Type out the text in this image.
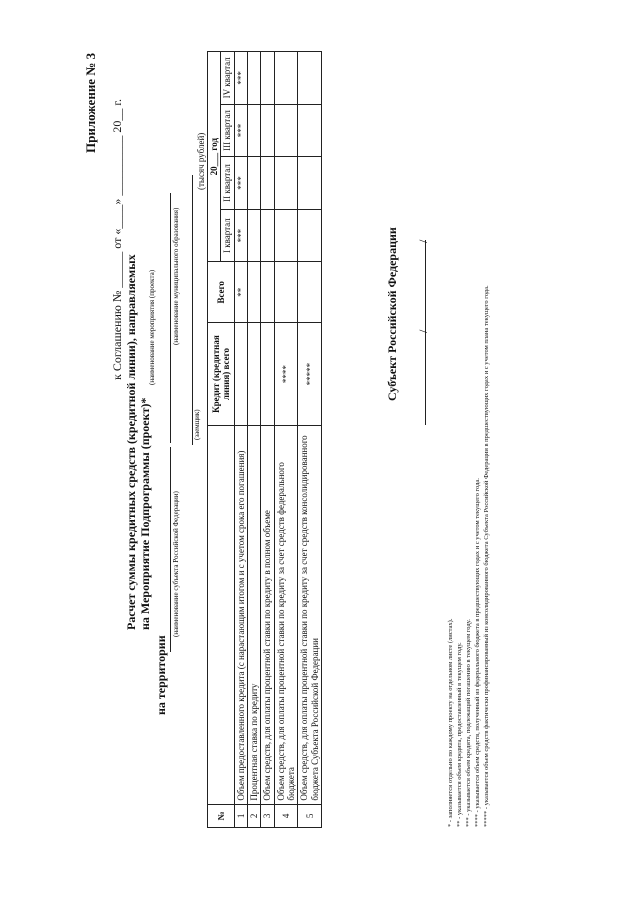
Приложение № 3 к Соглашению № ______ от «____» __________ 20__ г.
Расчет суммы кредитных средств (кредитной линии), направляемых на Мероприятие Подпрограммы (проект)*
на территории
(наименование субъекта Российской Федерации)
(наименование мероприятия (проекта)
(заемщик)
(наименование муниципального образования)
(тысяч рублей)
№		Кредит (кредитная линия) всего	Всего	20___ год			

				I квартал	II квартал	III квартал	IV квартал
1	Объем предоставленного кредита (с нарастающим итогом и с учетом срока его погашения)		**	***	***	***	***
2	Процентная ставка по кредиту						
3	Объем средств, для оплаты процентной ставки по кредиту в полном объеме						
4	Объем средств, для оплаты процентной ставки по кредиту за счет средств федерального бюджета	****					
5	Объем средств, для оплаты процентной ставки по кредиту за счет средств консолидированного бюджета Субъекта Российской Федерации	*****						Субъект Российской Федерации /
/
* - заполняется отдельно по каждому проекту на отдельном листе (листах). ** - указывается объем кредита, предоставленный в текущем году. *** - указывается объем кредита, подлежащий погашению в текущем году. **** - указывается объем средств, полученный из федерального бюджета в предшествующих годах и с учетом текущего года. ***** - указывается объем средств фактически профинансированный из консолидированного бюджета Субъекта Российской Федерации в предшествующих годах и с учетом плана текущего года.
